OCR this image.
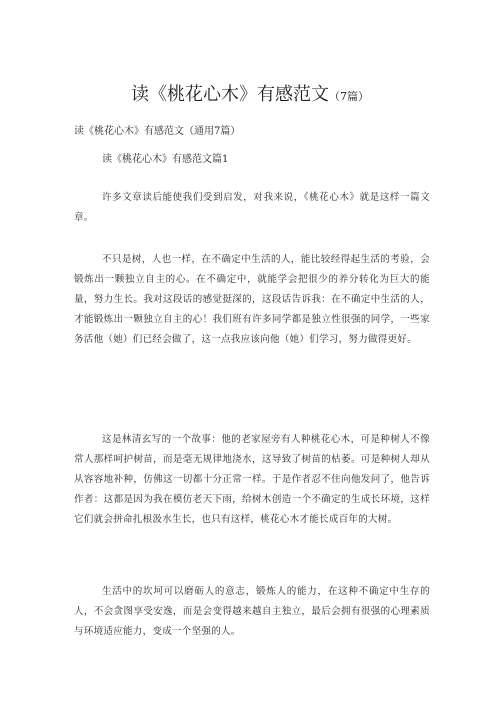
读《桃花心木》有感范文（7篇）
读《桃花心木》有感范文（通用7篇）
读《桃花心木》有感范文篇1

许多文章读后能使我们受到启发，对我来说，《桃花心木》就是这样一篇文章。

不只是树，人也一样，在不确定中生活的人，能比较经得起生活的考验，会锻炼出一颗独立自主的心。在不确定中，就能学会把很少的养分转化为巨大的能量，努力生长。我对这段话的感觉挺深的，这段话告诉我：在不确定中生活的人，才能锻炼出一颗独立自主的心！我们班有许多同学都是独立性很强的同学，一些家务活他（她）们已经会做了，这一点我应该向他（她）们学习，努力做得更好。

这是林清玄写的一个故事：他的老家屋旁有人种桃花心木，可是种树人不像常人那样呵护树苗，而是毫无规律地浇水，这导致了树苗的枯萎。可是种树人却从从容容地补种，仿佛这一切都十分正常一样。于是作者忍不住向他发问了，他告诉作者：这都是因为我在模仿老天下雨，给树木创造一个不确定的生成长环境，这样它们就会拼命扎根汲水生长，也只有这样，桃花心木才能长成百年的大树。

生活中的坎坷可以磨砺人的意志，锻炼人的能力，在这种不确定中生存的人，不会贪图享受安逸，而是会变得越来越自主独立，最后会拥有很强的心理素质与环境适应能力，变成一个坚强的人。
